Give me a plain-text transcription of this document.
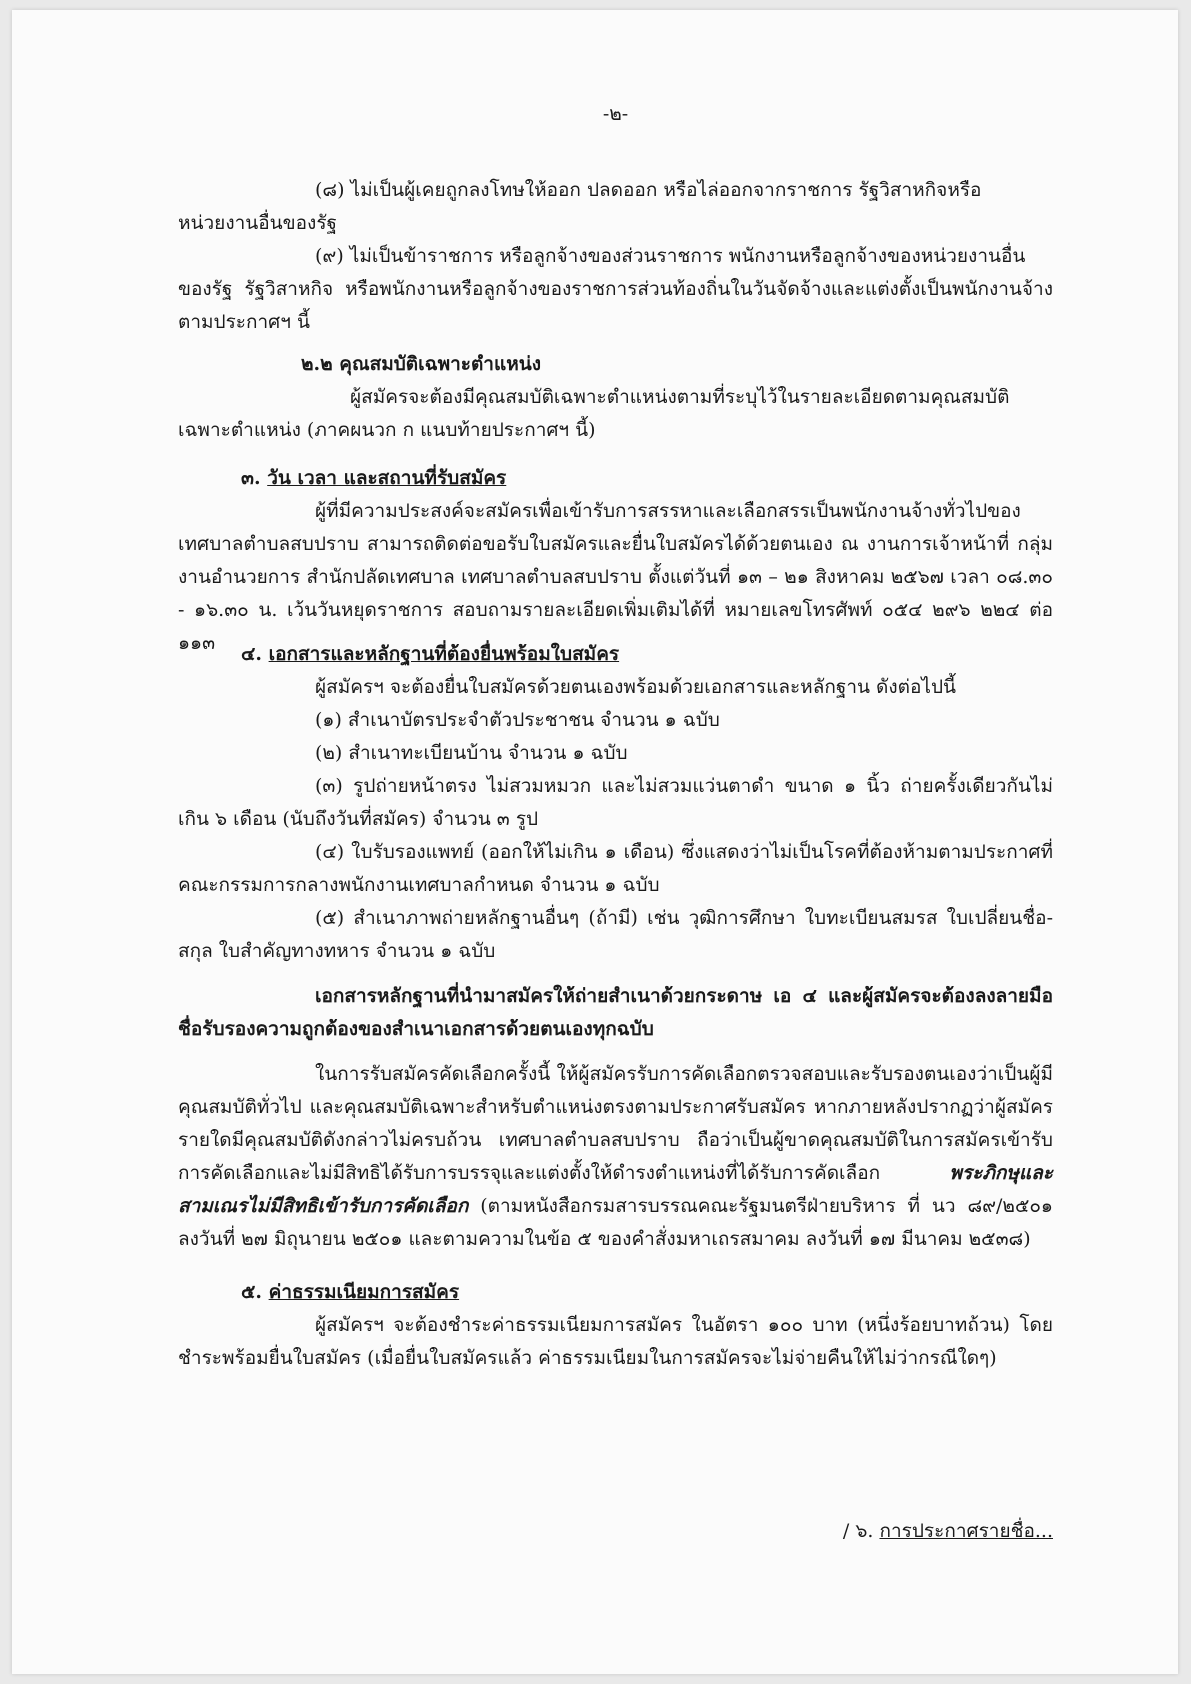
-๒-

(๘) ไม่เป็นผู้เคยถูกลงโทษให้ออก ปลดออก หรือไล่ออกจากราชการ รัฐวิสาหกิจหรือ
หน่วยงานอื่นของรัฐ

(๙) ไม่เป็นข้าราชการ หรือลูกจ้างของส่วนราชการ พนักงานหรือลูกจ้างของหน่วยงานอื่น

ของรัฐ รัฐวิสาหกิจ หรือพนักงานหรือลูกจ้างของราชการส่วนท้องถิ่นในวันจัดจ้างและแต่งตั้งเป็นพนักงานจ้างตามประกาศฯ นี้

๒.๒ คุณสมบัติเฉพาะตำแหน่ง

ผู้สมัครจะต้องมีคุณสมบัติเฉพาะตำแหน่งตามที่ระบุไว้ในรายละเอียดตามคุณสมบัติเฉพาะตำแหน่ง (ภาคผนวก ก แนบท้ายประกาศฯ นี้)

๓. วัน เวลา และสถานที่รับสมัคร

ผู้ที่มีความประสงค์จะสมัครเพื่อเข้ารับการสรรหาและเลือกสรรเป็นพนักงานจ้างทั่วไปของเทศบาลตำบลสบปราบ สามารถติดต่อขอรับใบสมัครและยื่นใบสมัครได้ด้วยตนเอง ณ งานการเจ้าหน้าที่ กลุ่มงานอำนวยการ สำนักปลัดเทศบาล เทศบาลตำบลสบปราบ ตั้งแต่วันที่ ๑๓ – ๒๑ สิงหาคม ๒๕๖๗ เวลา ๐๘.๓๐ - ๑๖.๓๐ น. เว้นวันหยุดราชการ สอบถามรายละเอียดเพิ่มเติมได้ที่ หมายเลขโทรศัพท์ ๐๕๔ ๒๙๖ ๒๒๔ ต่อ ๑๑๓	๔. เอกสารและหลักฐานที่ต้องยื่นพร้อมใบสมัคร

ผู้สมัครฯ จะต้องยื่นใบสมัครด้วยตนเองพร้อมด้วยเอกสารและหลักฐาน ดังต่อไปนี้

(๑) สำเนาบัตรประจำตัวประชาชน จำนวน ๑ ฉบับ

(๒) สำเนาทะเบียนบ้าน จำนวน ๑ ฉบับ

(๓) รูปถ่ายหน้าตรง ไม่สวมหมวก และไม่สวมแว่นตาดำ ขนาด ๑ นิ้ว ถ่ายครั้งเดียวกันไม่เกิน ๖ เดือน (นับถึงวันที่สมัคร) จำนวน ๓ รูป

(๔) ใบรับรองแพทย์ (ออกให้ไม่เกิน ๑ เดือน) ซึ่งแสดงว่าไม่เป็นโรคที่ต้องห้ามตามประกาศที่คณะกรรมการกลางพนักงานเทศบาลกำหนด จำนวน ๑ ฉบับ

(๕) สำเนาภาพถ่ายหลักฐานอื่นๆ (ถ้ามี) เช่น วุฒิการศึกษา ใบทะเบียนสมรส ใบเปลี่ยนชื่อ-สกุล ใบสำคัญทางทหาร จำนวน ๑ ฉบับ

เอกสารหลักฐานที่นำมาสมัครให้ถ่ายสำเนาด้วยกระดาษ เอ ๔ และผู้สมัครจะต้องลงลายมือชื่อรับรองความถูกต้องของสำเนาเอกสารด้วยตนเองทุกฉบับ

ในการรับสมัครคัดเลือกครั้งนี้ ให้ผู้สมัครรับการคัดเลือกตรวจสอบและรับรองตนเองว่าเป็นผู้มีคุณสมบัติทั่วไป และคุณสมบัติเฉพาะสำหรับตำแหน่งตรงตามประกาศรับสมัคร หากภายหลังปรากฏว่าผู้สมัครรายใดมีคุณสมบัติดังกล่าวไม่ครบถ้วน เทศบาลตำบลสบปราบ ถือว่าเป็นผู้ขาดคุณสมบัติในการสมัครเข้ารับการคัดเลือกและไม่มีสิทธิได้รับการบรรจุและแต่งตั้งให้ดำรงตำแหน่งที่ได้รับการคัดเลือก พระภิกษุและสามเณรไม่มีสิทธิเข้ารับการคัดเลือก (ตามหนังสือกรมสารบรรณคณะรัฐมนตรีฝ่ายบริหาร ที่ นว ๘๙/๒๕๐๑ ลงวันที่ ๒๗ มิถุนายน ๒๕๐๑ และตามความในข้อ ๕ ของคำสั่งมหาเถรสมาคม ลงวันที่ ๑๗ มีนาคม ๒๕๓๘)

๕. ค่าธรรมเนียมการสมัคร

ผู้สมัครฯ จะต้องชำระค่าธรรมเนียมการสมัคร ในอัตรา ๑๐๐ บาท (หนึ่งร้อยบาทถ้วน) โดยชำระพร้อมยื่นใบสมัคร (เมื่อยื่นใบสมัครแล้ว ค่าธรรมเนียมในการสมัครจะไม่จ่ายคืนให้ไม่ว่ากรณีใดๆ)

/ ๖. การประกาศรายชื่อ...
